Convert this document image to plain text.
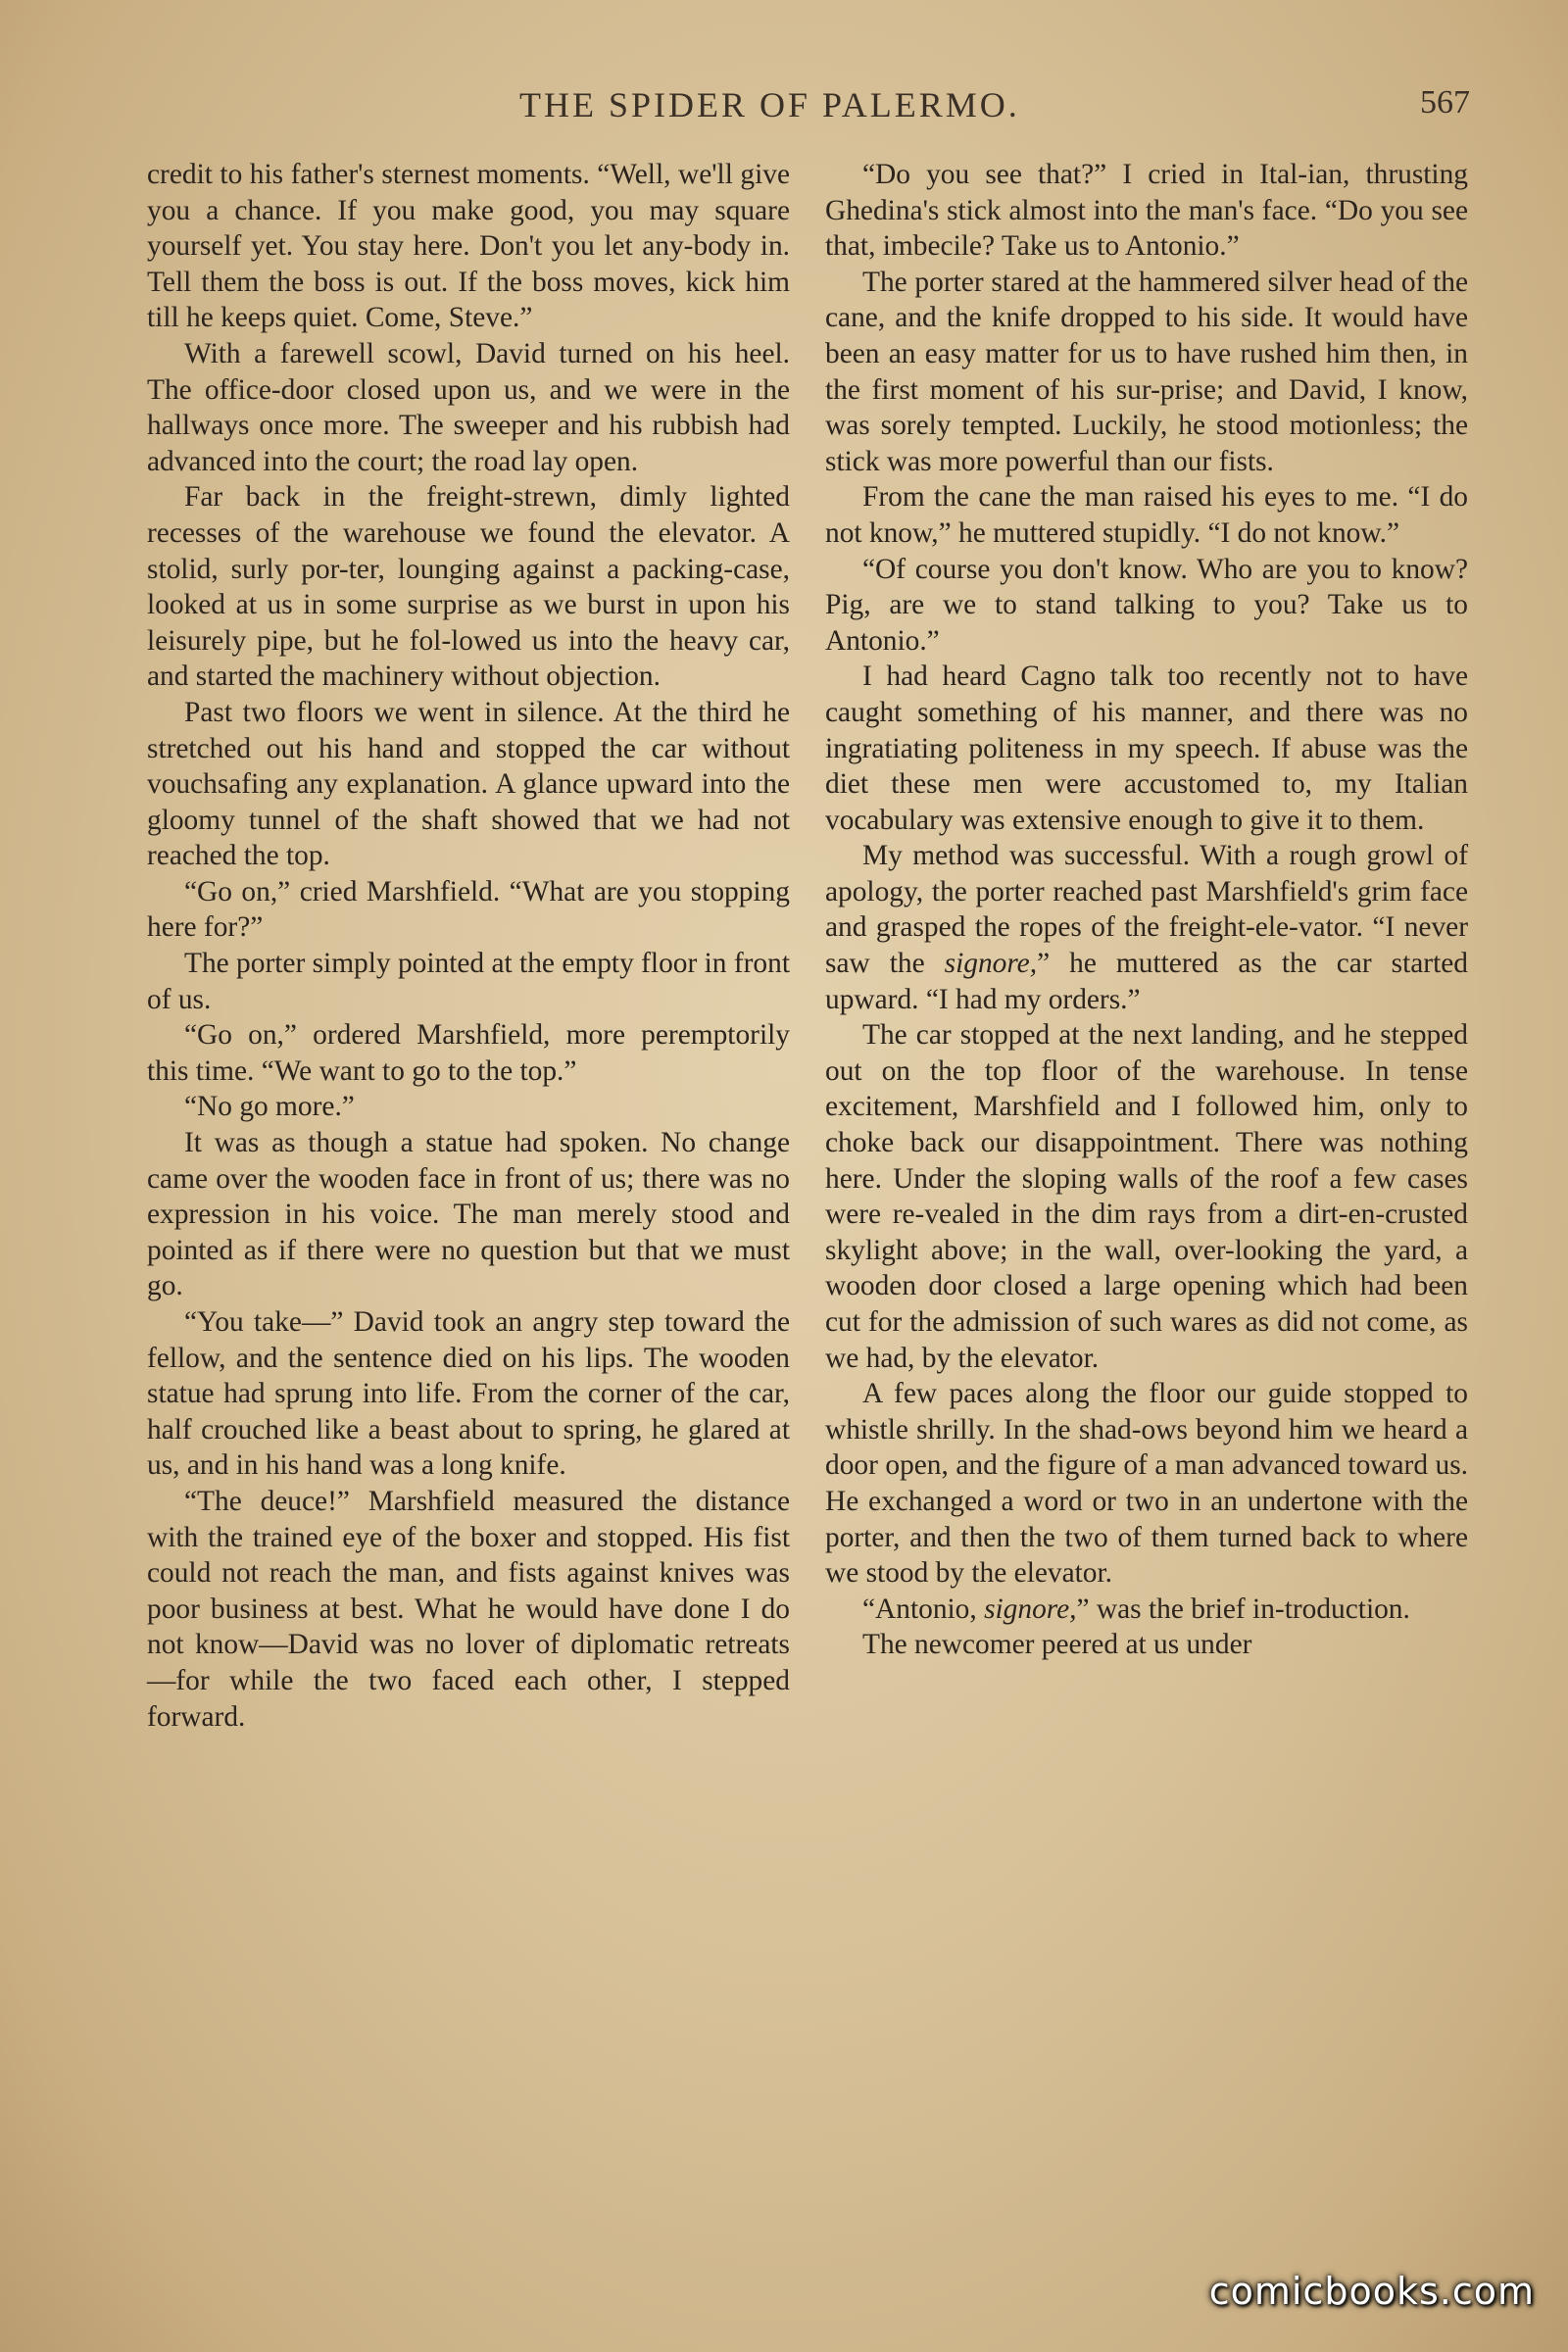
THE SPIDER OF PALERMO.	567

credit to his father's sternest moments. “Well, we'll give you a chance. If you make good, you may square yourself yet. You stay here. Don't you let any-body in. Tell them the boss is out. If the boss moves, kick him till he keeps quiet. Come, Steve.”

With a farewell scowl, David turned on his heel. The office-door closed upon us, and we were in the hallways once more. The sweeper and his rubbish had advanced into the court; the road lay open.

Far back in the freight-strewn, dimly lighted recesses of the warehouse we found the elevator. A stolid, surly por-ter, lounging against a packing-case, looked at us in some surprise as we burst in upon his leisurely pipe, but he fol-lowed us into the heavy car, and started the machinery without objection.

Past two floors we went in silence. At the third he stretched out his hand and stopped the car without vouchsafing any explanation. A glance upward into the gloomy tunnel of the shaft showed that we had not reached the top.

“Go on,” cried Marshfield. “What are you stopping here for?”

The porter simply pointed at the empty floor in front of us.

“Go on,” ordered Marshfield, more peremptorily this time. “We want to go to the top.”

“No go more.”

It was as though a statue had spoken. No change came over the wooden face in front of us; there was no expression in his voice. The man merely stood and pointed as if there were no question but that we must go.

“You take—” David took an angry step toward the fellow, and the sentence died on his lips. The wooden statue had sprung into life. From the corner of the car, half crouched like a beast about to spring, he glared at us, and in his hand was a long knife.

“The deuce!” Marshfield measured the distance with the trained eye of the boxer and stopped. His fist could not reach the man, and fists against knives was poor business at best. What he would have done I do not know—David was no lover of diplomatic retreats—for while the two faced each other, I stepped forward.

“Do you see that?” I cried in Ital-ian, thrusting Ghedina's stick almost into the man's face. “Do you see that, imbecile? Take us to Antonio.”

The porter stared at the hammered silver head of the cane, and the knife dropped to his side. It would have been an easy matter for us to have rushed him then, in the first moment of his sur-prise; and David, I know, was sorely tempted. Luckily, he stood motionless; the stick was more powerful than our fists.

From the cane the man raised his eyes to me. “I do not know,” he muttered stupidly. “I do not know.”

“Of course you don't know. Who are you to know? Pig, are we to stand talking to you? Take us to Antonio.”

I had heard Cagno talk too recently not to have caught something of his manner, and there was no ingratiating politeness in my speech. If abuse was the diet these men were accustomed to, my Italian vocabulary was extensive enough to give it to them.

My method was successful. With a rough growl of apology, the porter reached past Marshfield's grim face and grasped the ropes of the freight-ele-vator. “I never saw the signore,” he muttered as the car started upward. “I had my orders.”

The car stopped at the next landing, and he stepped out on the top floor of the warehouse. In tense excitement, Marshfield and I followed him, only to choke back our disappointment. There was nothing here. Under the sloping walls of the roof a few cases were re-vealed in the dim rays from a dirt-en-crusted skylight above; in the wall, over-looking the yard, a wooden door closed a large opening which had been cut for the admission of such wares as did not come, as we had, by the elevator.

A few paces along the floor our guide stopped to whistle shrilly. In the shad-ows beyond him we heard a door open, and the figure of a man advanced toward us. He exchanged a word or two in an undertone with the porter, and then the two of them turned back to where we stood by the elevator.

“Antonio, signore,” was the brief in-troduction.

The newcomer peered at us under

comicbooks.com
